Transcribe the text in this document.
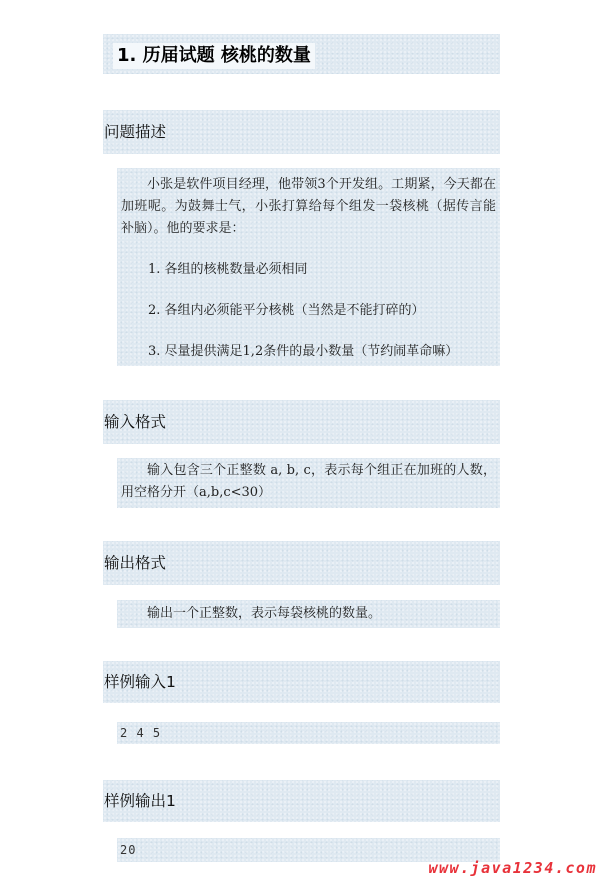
1. 历届试题 核桃的数量
问题描述
小张是软件项目经理，他带领3个开发组。工期紧，今天都在加班呢。为鼓舞士气，小张打算给每个组发一袋核桃（据传言能补脑）。他的要求是：
1. 各组的核桃数量必须相同
2. 各组内必须能平分核桃（当然是不能打碎的）
3. 尽量提供满足1,2条件的最小数量（节约闹革命嘛）
输入格式
输入包含三个正整数 a, b, c，表示每个组正在加班的人数，用空格分开（a,b,c<30）
输出格式
输出一个正整数，表示每袋核桃的数量。
样例输入1
2 4 5
样例输出1
20
www.java1234.com
